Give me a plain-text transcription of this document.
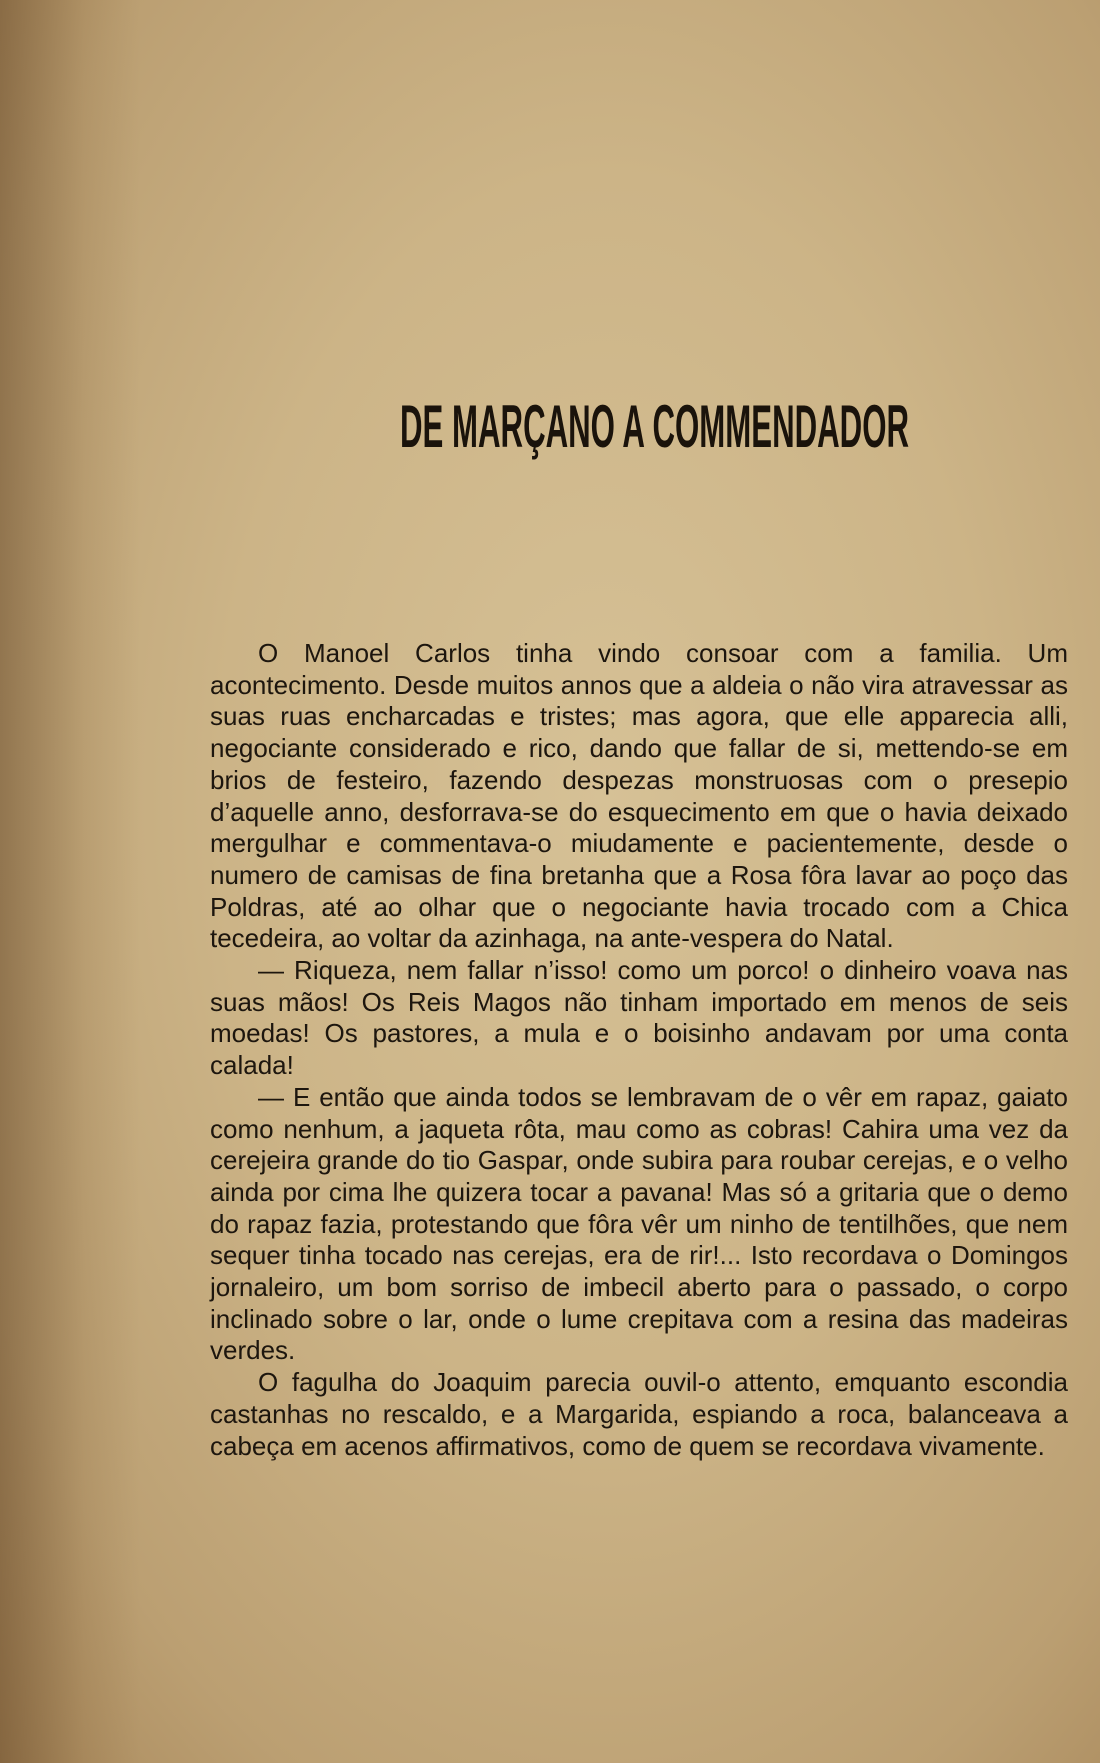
DE MARÇANO A COMMENDADOR

O Manoel Carlos tinha vindo consoar com a familia. Um acontecimento. Desde muitos annos que a aldeia o não vira atravessar as suas ruas encharcadas e tristes; mas agora, que elle apparecia alli, negociante considerado e rico, dando que fallar de si, mettendo-se em brios de festeiro, fazendo despezas monstruosas com o presepio d’aquelle anno, desforrava-se do esquecimento em que o havia deixado mergulhar e commentava-o miudamente e pacientemente, desde o numero de camisas de fina bretanha que a Rosa fôra lavar ao poço das Poldras, até ao olhar que o negociante havia trocado com a Chica tecedeira, ao voltar da azinhaga, na ante-vespera do Natal.

— Riqueza, nem fallar n’isso! como um porco! o dinheiro voava nas suas mãos! Os Reis Magos não tinham importado em menos de seis moedas! Os pastores, a mula e o boisinho andavam por uma conta calada!

— E então que ainda todos se lembravam de o vêr em rapaz, gaiato como nenhum, a jaqueta rôta, mau como as cobras! Cahira uma vez da cerejeira grande do tio Gaspar, onde subira para roubar cerejas, e o velho ainda por cima lhe quizera tocar a pavana! Mas só a gritaria que o demo do rapaz fazia, protestando que fôra vêr um ninho de tentilhões, que nem sequer tinha tocado nas cerejas, era de rir!... Isto recordava o Domingos jornaleiro, um bom sorriso de imbecil aberto para o passado, o corpo inclinado sobre o lar, onde o lume crepitava com a resina das madeiras verdes.

O fagulha do Joaquim parecia ouvil-o attento, emquanto escondia castanhas no rescaldo, e a Margarida, espiando a roca, balanceava a cabeça em acenos affirmativos, como de quem se recordava vivamente.
